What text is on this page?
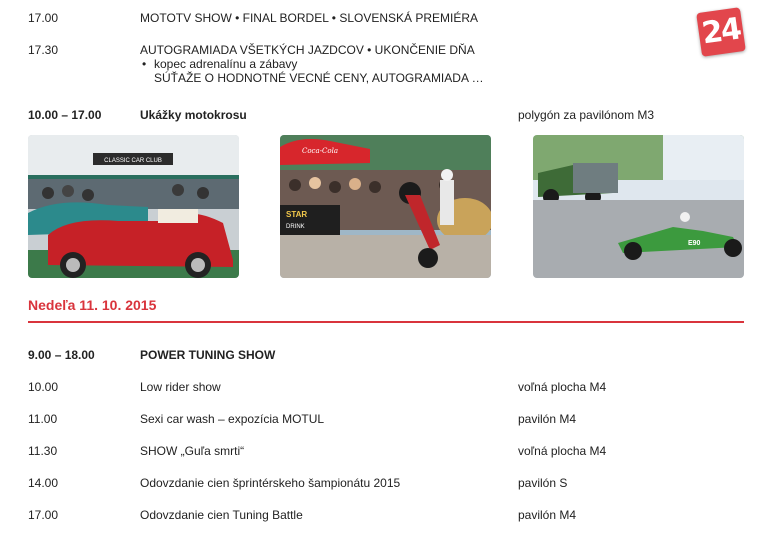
24
17.00	MOTOTV SHOW • FINAL BORDEL • SLOVENSKÁ PREMIÉRA
17.30	AUTOGRAMIADA VŠETKÝCH JAZDCOV • UKONČENIE DŇA
• kopec adrenalínu a zábavy
SÚŤAŽE O HODNOTNÉ VECNÉ CENY, AUTOGRAMIADA …
10.00 – 17.00	Ukážky motokrosu	polygón za pavilónom M3
CLASSIC CAR CLUB
Coca-Cola
STAR
DRINK
E90
Nedeľa 11. 10. 2015
9.00 – 18.00	POWER TUNING SHOW
10.00	Low rider show	voľná plocha M4
11.00	Sexi car wash – expozícia MOTUL	pavilón M4
11.30	SHOW „Guľa smrti“	voľná plocha M4
14.00	Odovzdanie cien šprintérskeho šampionátu 2015	pavilón S
17.00	Odovzdanie cien Tuning Battle	pavilón M4
